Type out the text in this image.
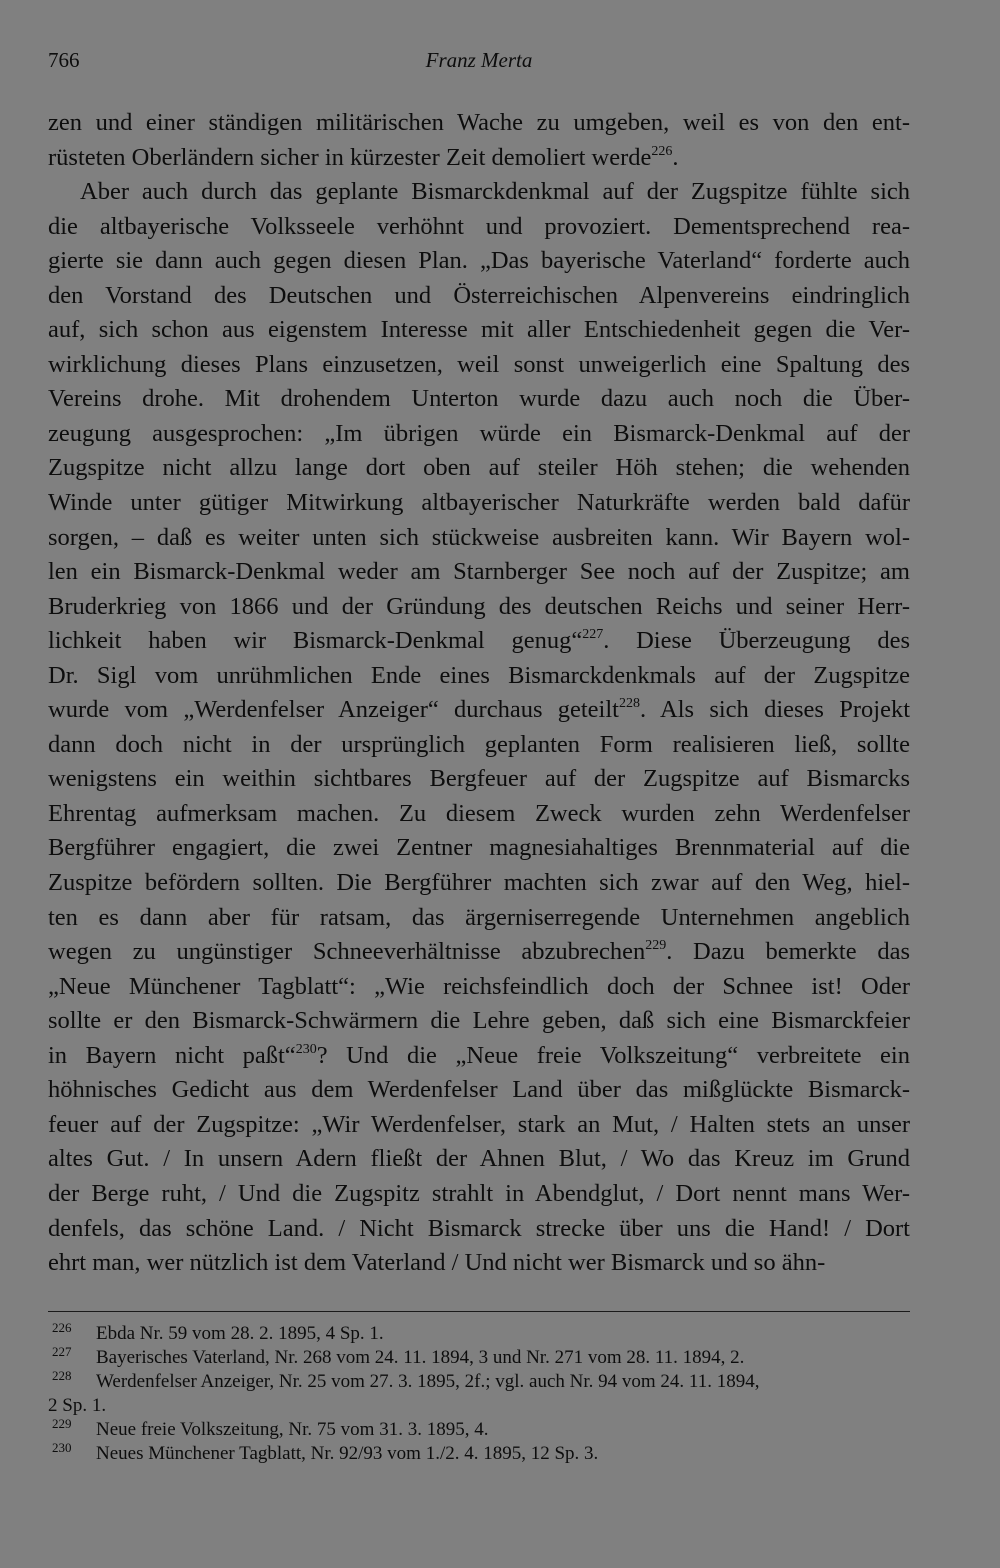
766	Franz Merta
zen und einer ständigen militärischen Wache zu umgeben, weil es von den ent-
rüsteten Oberländern sicher in kürzester Zeit demoliert werde$^{226}$.
Aber auch durch das geplante Bismarckdenkmal auf der Zugspitze fühlte sich
die altbayerische Volksseele verhöhnt und provoziert. Dementsprechend rea-
gierte sie dann auch gegen diesen Plan. „Das bayerische Vaterland“ forderte auch
den Vorstand des Deutschen und Österreichischen Alpenvereins eindringlich
auf, sich schon aus eigenstem Interesse mit aller Entschiedenheit gegen die Ver-
wirklichung dieses Plans einzusetzen, weil sonst unweigerlich eine Spaltung des
Vereins drohe. Mit drohendem Unterton wurde dazu auch noch die Über-
zeugung ausgesprochen: „Im übrigen würde ein Bismarck-Denkmal auf der
Zugspitze nicht allzu lange dort oben auf steiler Höh stehen; die wehenden
Winde unter gütiger Mitwirkung altbayerischer Naturkräfte werden bald dafür
sorgen, – daß es weiter unten sich stückweise ausbreiten kann. Wir Bayern wol-
len ein Bismarck-Denkmal weder am Starnberger See noch auf der Zuspitze; am
Bruderkrieg von 1866 und der Gründung des deutschen Reichs und seiner Herr-
lichkeit haben wir Bismarck-Denkmal genug“$^{227}$. Diese Überzeugung des
Dr. Sigl vom unrühmlichen Ende eines Bismarckdenkmals auf der Zugspitze
wurde vom „Werdenfelser Anzeiger“ durchaus geteilt$^{228}$. Als sich dieses Projekt
dann doch nicht in der ursprünglich geplanten Form realisieren ließ, sollte
wenigstens ein weithin sichtbares Bergfeuer auf der Zugspitze auf Bismarcks
Ehrentag aufmerksam machen. Zu diesem Zweck wurden zehn Werdenfelser
Bergführer engagiert, die zwei Zentner magnesiahaltiges Brennmaterial auf die
Zuspitze befördern sollten. Die Bergführer machten sich zwar auf den Weg, hiel-
ten es dann aber für ratsam, das ärgerniserregende Unternehmen angeblich
wegen zu ungünstiger Schneeverhältnisse abzubrechen$^{229}$. Dazu bemerkte das
„Neue Münchener Tagblatt“: „Wie reichsfeindlich doch der Schnee ist! Oder
sollte er den Bismarck-Schwärmern die Lehre geben, daß sich eine Bismarckfeier
in Bayern nicht paßt“$^{230}$? Und die „Neue freie Volkszeitung“ verbreitete ein
höhnisches Gedicht aus dem Werdenfelser Land über das mißglückte Bismarck-
feuer auf der Zugspitze: „Wir Werdenfelser, stark an Mut, / Halten stets an unser
altes Gut. / In unsern Adern fließt der Ahnen Blut, / Wo das Kreuz im Grund
der Berge ruht, / Und die Zugspitz strahlt in Abendglut, / Dort nennt mans Wer-
denfels, das schöne Land. / Nicht Bismarck strecke über uns die Hand! / Dort
ehrt man, wer nützlich ist dem Vaterland / Und nicht wer Bismarck und so ähn-
226 Ebda Nr. 59 vom 28. 2. 1895, 4 Sp. 1.
227 Bayerisches Vaterland, Nr. 268 vom 24. 11. 1894, 3 und Nr. 271 vom 28. 11. 1894, 2.
228 Werdenfelser Anzeiger, Nr. 25 vom 27. 3. 1895, 2f.; vgl. auch Nr. 94 vom 24. 11. 1894,
2 Sp. 1.
229 Neue freie Volkszeitung, Nr. 75 vom 31. 3. 1895, 4.
230 Neues Münchener Tagblatt, Nr. 92/93 vom 1./2. 4. 1895, 12 Sp. 3.
